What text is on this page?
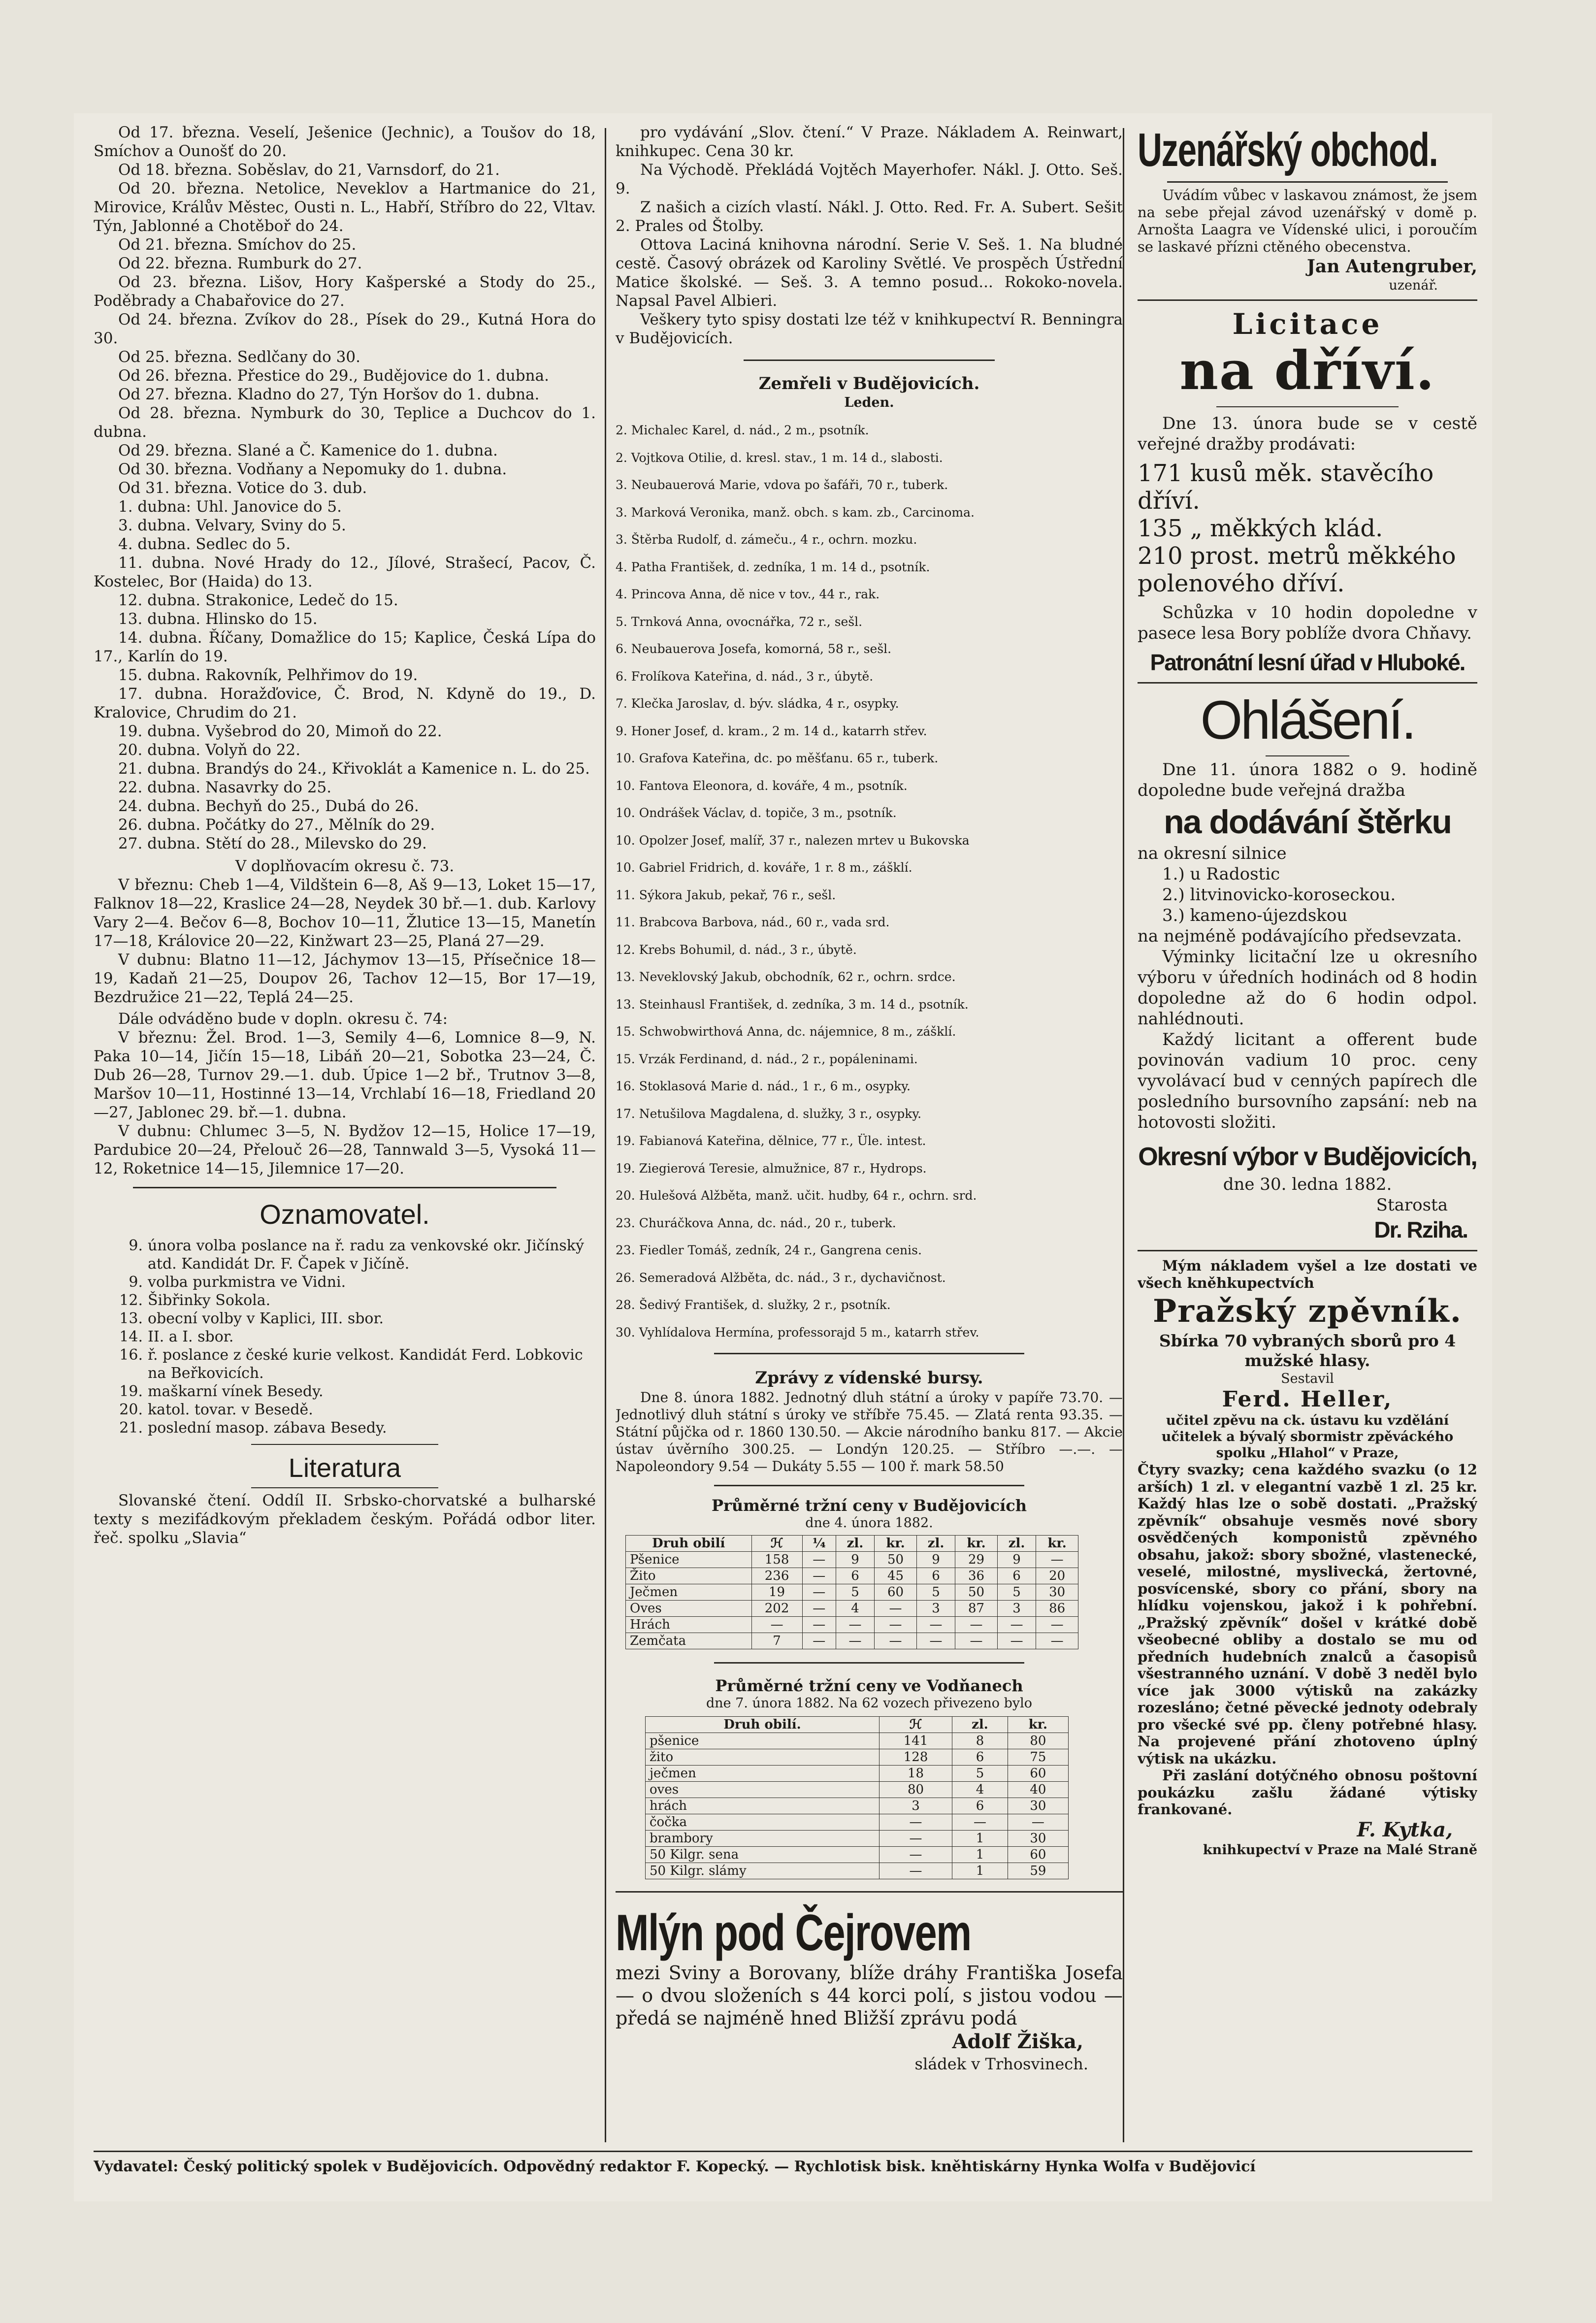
Od 17. března. Veselí, Ješenice (Jechnic), a Toušov do 18, Smíchov a Ounošť do 20.

Od 18. března. Soběslav, do 21, Varnsdorf, do 21.

Od 20. března. Netolice, Neveklov a Hartmanice do 21, Mirovice, Králův Městec, Ousti n. L., Habří, Stříbro do 22, Vltav. Týn, Jablonné a Chotěboř do 24.

Od 21. března. Smíchov do 25.

Od 22. března. Rumburk do 27.

Od 23. března. Lišov, Hory Kašperské a Stody do 25., Poděbrady a Chabařovice do 27.

Od 24. března. Zvíkov do 28., Písek do 29., Kutná Hora do 30.

Od 25. března. Sedlčany do 30.

Od 26. března. Přestice do 29., Budějovice do 1. dubna.

Od 27. března. Kladno do 27, Týn Horšov do 1. dubna.

Od 28. března. Nymburk do 30, Teplice a Duchcov do 1. dubna.

Od 29. března. Slané a Č. Kamenice do 1. dubna.

Od 30. března. Vodňany a Nepomuky do 1. dubna.

Od 31. března. Votice do 3. dub.

1. dubna: Uhl. Janovice do 5.

3. dubna. Velvary, Sviny do 5.

4. dubna. Sedlec do 5.

11. dubna. Nové Hrady do 12., Jílové, Strašecí, Pacov, Č. Kostelec, Bor (Haida) do 13.

12. dubna. Strakonice, Ledeč do 15.

13. dubna. Hlinsko do 15.

14. dubna. Říčany, Domažlice do 15; Kaplice, Česká Lípa do 17., Karlín do 19.

15. dubna. Rakovník, Pelhřimov do 19.

17. dubna. Horažďovice, Č. Brod, N. Kdyně do 19., D. Kralovice, Chrudim do 21.

19. dubna. Vyšebrod do 20, Mimoň do 22.

20. dubna. Volyň do 22.

21. dubna. Brandýs do 24., Křivoklát a Kamenice n. L. do 25.

22. dubna. Nasavrky do 25.

24. dubna. Bechyň do 25., Dubá do 26.

26. dubna. Počátky do 27., Mělník do 29.

27. dubna. Stětí do 28., Milevsko do 29.

V doplňovacím okresu č. 73.

V březnu: Cheb 1—4, Vildštein 6—8, Aš 9—13, Loket 15—17, Falknov 18—22, Kraslice 24—28, Neydek 30 bř.—1. dub. Karlovy Vary 2—4. Bečov 6—8, Bochov 10—11, Žlutice 13—15, Manetín 17—18, Královice 20—22, Kinžwart 23—25, Planá 27—29.

V dubnu: Blatno 11—12, Jáchymov 13—15, Přísečnice 18—19, Kadaň 21—25, Doupov 26, Tachov 12—15, Bor 17—19, Bezdružice 21—22, Teplá 24—25.

Dále odváděno bude v dopln. okresu č. 74:

V březnu: Žel. Brod. 1—3, Semily 4—6, Lomnice 8—9, N. Paka 10—14, Jičín 15—18, Libáň 20—21, Sobotka 23—24, Č. Dub 26—28, Turnov 29.—1. dub. Úpice 1—2 bř., Trutnov 3—8, Maršov 10—11, Hostinné 13—14, Vrchlabí 16—18, Friedland 20—27, Jablonec 29. bř.—1. dubna.

V dubnu: Chlumec 3—5, N. Bydžov 12—15, Holice 17—19, Pardubice 20—24, Přelouč 26—28, Tannwald 3—5, Vysoká 11—12, Roketnice 14—15, Jilemnice 17—20.

Oznamovatel.
9. února volba poslance na ř. radu za venkovské okr. Jičínský atd. Kandidát Dr. F. Čapek v Jičíně.
9. volba purkmistra ve Vidni.
12. Šibřinky Sokola.
13. obecní volby v Kaplici, III. sbor.
14. II. a I. sbor.
16. ř. poslance z české kurie velkost. Kandidát Ferd. Lobkovic na Beřkovicích.
19. maškarní vínek Besedy.
20. katol. tovar. v Besedě.
21. poslední masop. zábava Besedy.
Literatura

Slovanské čtení. Oddíl II. Srbsko-chorvatské a bulharské texty s mezifádkovým překladem českým. Pořádá odbor liter. řeč. spolku „Slavia“

pro vydávání „Slov. čtení.“ V Praze. Nákladem A. Reinwart, knihkupec. Cena 30 kr.

Na Východě. Překládá Vojtěch Mayerhofer. Nákl. J. Otto. Seš. 9.

Z našich a cizích vlastí. Nákl. J. Otto. Red. Fr. A. Subert. Sešit 2. Prales od Štolby.

Ottova Laciná knihovna národní. Serie V. Seš. 1. Na bludné cestě. Časový obrázek od Karoliny Světlé. Ve prospěch Ústřední Matice školské. — Seš. 3. A temno posud... Rokoko-novela. Napsal Pavel Albieri.

Veškery tyto spisy dostati lze též v knihkupectví R. Benningra v Budějovicích.

Zemřeli v Budějovicích.
Leden.

2. Michalec Karel, d. nád., 2 m., psotník.

2. Vojtkova Otilie, d. kresl. stav., 1 m. 14 d., slabosti.

3. Neubauerová Marie, vdova po šafáři, 70 r., tuberk.

3. Marková Veronika, manž. obch. s kam. zb., Carcinoma.

3. Štěrba Rudolf, d. zámeču., 4 r., ochrn. mozku.

4. Patha František, d. zedníka, 1 m. 14 d., psotník.

4. Princova Anna, dě nice v tov., 44 r., rak.

5. Trnková Anna, ovocnářka, 72 r., sešl.

6. Neubauerova Josefa, komorná, 58 r., sešl.

6. Frolíkova Kateřina, d. nád., 3 r., úbytě.

7. Klečka Jaroslav, d. býv. sládka, 4 r., osypky.

9. Honer Josef, d. kram., 2 m. 14 d., katarrh střev.

10. Grafova Kateřina, dc. po měšťanu. 65 r., tuberk.

10. Fantova Eleonora, d. kováře, 4 m., psotník.

10. Ondrášek Václav, d. topiče, 3 m., psotník.

10. Opolzer Josef, malíř, 37 r., nalezen mrtev u Bukovska

10. Gabriel Fridrich, d. kováře, 1 r. 8 m., zášklí.

11. Sýkora Jakub, pekař, 76 r., sešl.

11. Brabcova Barbova, nád., 60 r., vada srd.

12. Krebs Bohumil, d. nád., 3 r., úbytě.

13. Neveklovský Jakub, obchodník, 62 r., ochrn. srdce.

13. Steinhausl František, d. zedníka, 3 m. 14 d., psotník.

15. Schwobwirthová Anna, dc. nájemnice, 8 m., zášklí.

15. Vrzák Ferdinand, d. nád., 2 r., popáleninami.

16. Stoklasová Marie d. nád., 1 r., 6 m., osypky.

17. Netušilova Magdalena, d. služky, 3 r., osypky.

19. Fabianová Kateřina, dělnice, 77 r., Üle. intest.

19. Ziegierová Teresie, almužnice, 87 r., Hydrops.

20. Hulešová Alžběta, manž. učit. hudby, 64 r., ochrn. srd.

23. Churáčkova Anna, dc. nád., 20 r., tuberk.

23. Fiedler Tomáš, zedník, 24 r., Gangrena cenis.

26. Semeradová Alžběta, dc. nád., 3 r., dychavičnost.

28. Šedivý František, d. služky, 2 r., psotník.

30. Vyhlídalova Hermína, professorajd 5 m., katarrh střev.

Zprávy z vídenské bursy.

Dne 8. února 1882. Jednotný dluh státní a úroky v papíře 73.70. — Jednotlivý dluh státní s úroky ve stříbře 75.45. — Zlatá renta 93.35. — Státní půjčka od r. 1860 130.50. — Akcie národního banku 817. — Akcie ústav úvěrního 300.25. — Londýn 120.25. — Stříbro —.—. — Napoleondory 9.54 — Dukáty 5.55 — 100 ř. mark 58.50

Průměrné tržní ceny v Budějovicích
dne 4. února 1882.
Druh obilí	ℋ	¼	zl.	kr.	zl.	kr.	zl.	kr.
Pšenice	158	—	9	50	9	29	9	—
Žito	236	—	6	45	6	36	6	20
Ječmen	19	—	5	60	5	50	5	30
Oves	202	—	4	—	3	87	3	86
Hrách	—	—	—	—	—	—	—	—
Zemčata	7	—	—	—	—	—	—	—
Průměrné tržní ceny ve Vodňanech
dne 7. února 1882. Na 62 vozech přivezeno bylo
Druh obilí.	ℋ	zl.	kr.
pšenice	141	8	80
žito	128	6	75
ječmen	18	5	60
oves	80	4	40
hrách	3	6	30
čočka	—	—	—
brambory	—	1	30
50 Kilgr. sena	—	1	60
50 Kilgr. slámy	—	1	59
Mlýn pod Čejrovem

mezi Sviny a Borovany, blíže dráhy Františka Josefa — o dvou složeních s 44 korci polí, s jistou vodou — předá se najméně hned Bližší zprávu podá

Adolf Žiška,
sládek v Trhosvinech.
Uzenářský obchod.

Uvádím vůbec v laskavou známost, že jsem na sebe přejal závod uzenářský v domě p. Arnošta Laagra ve Vídenské ulici, i poroučím se laskavé přízni ctěného obecenstva.

Jan Autengruber,
uzenář.
Licitace
na dříví.

Dne 13. února bude se v cestě veřejné dražby prodávati:

171 kusů měk. stavěcího dříví.

135 „ měkkých klád.

210 prost. metrů měkkého polenového dříví.

Schůzka v 10 hodin dopoledne v pasece lesa Bory poblíže dvora Chňavy.

Patronátní lesní úřad v Hluboké.
Ohlášení.

Dne 11. února 1882 o 9. hodině dopoledne bude veřejná dražba

na dodávání štěrku

na okresní silnice

1.) u Radostic

2.) litvinovicko-koroseckou.

3.) kameno-újezdskou

na nejméně podávajícího předsevzata.

Výminky licitační lze u okresního výboru v úředních hodinách od 8 hodin dopoledne až do 6 hodin odpol. nahlédnouti.

Každý licitant a offerent bude povinován vadium 10 proc. ceny vyvolávací bud v cenných papírech dle posledního bursovního zapsání: neb na hotovosti složiti.

Okresní výbor v Budějovicích,
dne 30. ledna 1882.
Starosta
Dr. Rziha.

Mým nákladem vyšel a lze dostati ve všech kněhkupectvích

Pražský zpěvník.
Sbírka 70 vybraných sborů pro 4 mužské hlasy.
Sestavil
Ferd. Heller,

učitel zpěvu na ck. ústavu ku vzdělání učitelek a bývalý sbormistr zpěváckého spolku „Hlahol“ v Praze,

Čtyry svazky; cena každého svazku (o 12 arších) 1 zl. v elegantní vazbě 1 zl. 25 kr. Každý hlas lze o sobě dostati. „Pražský zpěvník“ obsahuje vesměs nové sbory osvědčených komponistů zpěvného obsahu, jakož: sbory sbožné, vlastenecké, veselé, milostné, myslivecká, žertovné, posvícenské, sbory co přání, sbory na hlídku vojenskou, jakož i k pohřební. „Pražský zpěvník“ došel v krátké době všeobecné obliby a dostalo se mu od předních hudebních znalců a časopisů všestranného uznání. V době 3 neděl bylo více jak 3000 výtisků na zakázky rozesláno; četné pěvecké jednoty odebraly pro všecké své pp. členy potřebné hlasy. Na projevené přání zhotoveno úplný výtisk na ukázku.

Při zaslání dotýčného obnosu poštovní poukázku zašlu žádané výtisky frankované.

F. Kytka,
knihkupectví v Praze na Malé Straně
Vydavatel: Český politický spolek v Budějovicích. Odpovědný redaktor F. Kopecký. — Rychlotisk bisk. kněhtiskárny Hynka Wolfa v Budějovicí
